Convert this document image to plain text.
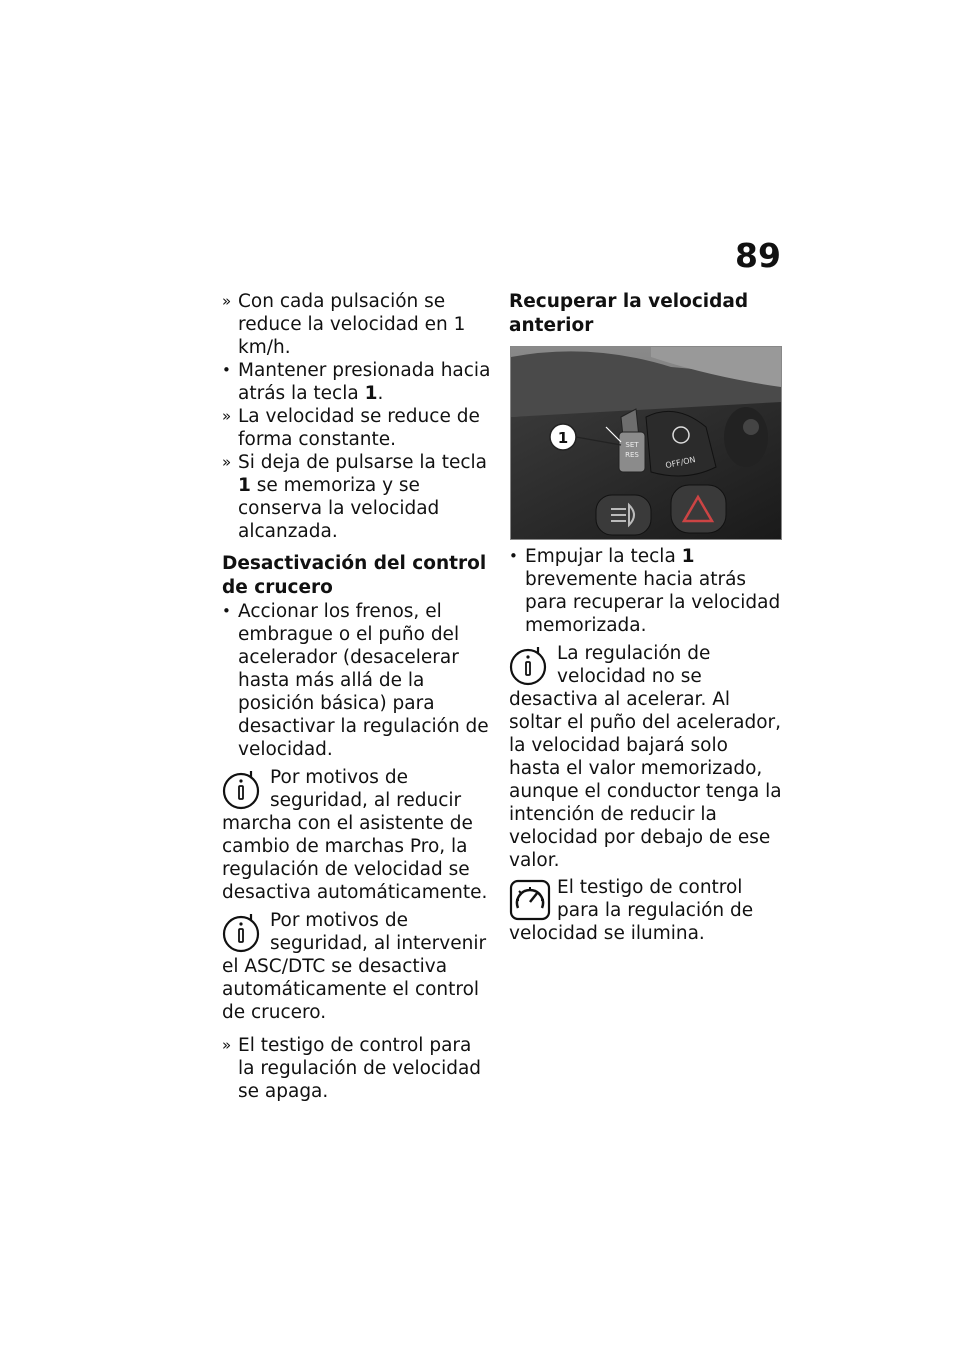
89

» Con cada pulsación se reduce la velocidad en 1 km/h.

• Mantener presionada hacia atrás la tecla 1.

» La velocidad se reduce de forma constante.

» Si deja de pulsarse la tecla 1 se memoriza y se conserva la velocidad alcanzada.

Desactivación del control de crucero

• Accionar los frenos, el embrague o el puño del acelerador (desacelerar hasta más allá de la posición básica) para desactivar la regulación de velocidad.

Por motivos de seguridad, al reducir marcha con el asistente de cambio de marchas Pro, la regulación de velocidad se desactiva automáticamente.
Por motivos de seguridad, al intervenir el ASC/DTC se desactiva automáticamente el control de crucero.

» El testigo de control para la regulación de velocidad se apaga.

Recuperar la velocidad anterior

SET
RES	OFF/ON
1

• Empujar la tecla 1 brevemente hacia atrás para recuperar la velocidad memorizada.

La regulación de velocidad no se desactiva al acelerar. Al soltar el puño del acelerador, la velocidad bajará solo hasta el valor memorizado, aunque el conductor tenga la intención de reducir la velocidad por debajo de ese valor.
El testigo de control para la regulación de velocidad se ilumina.
